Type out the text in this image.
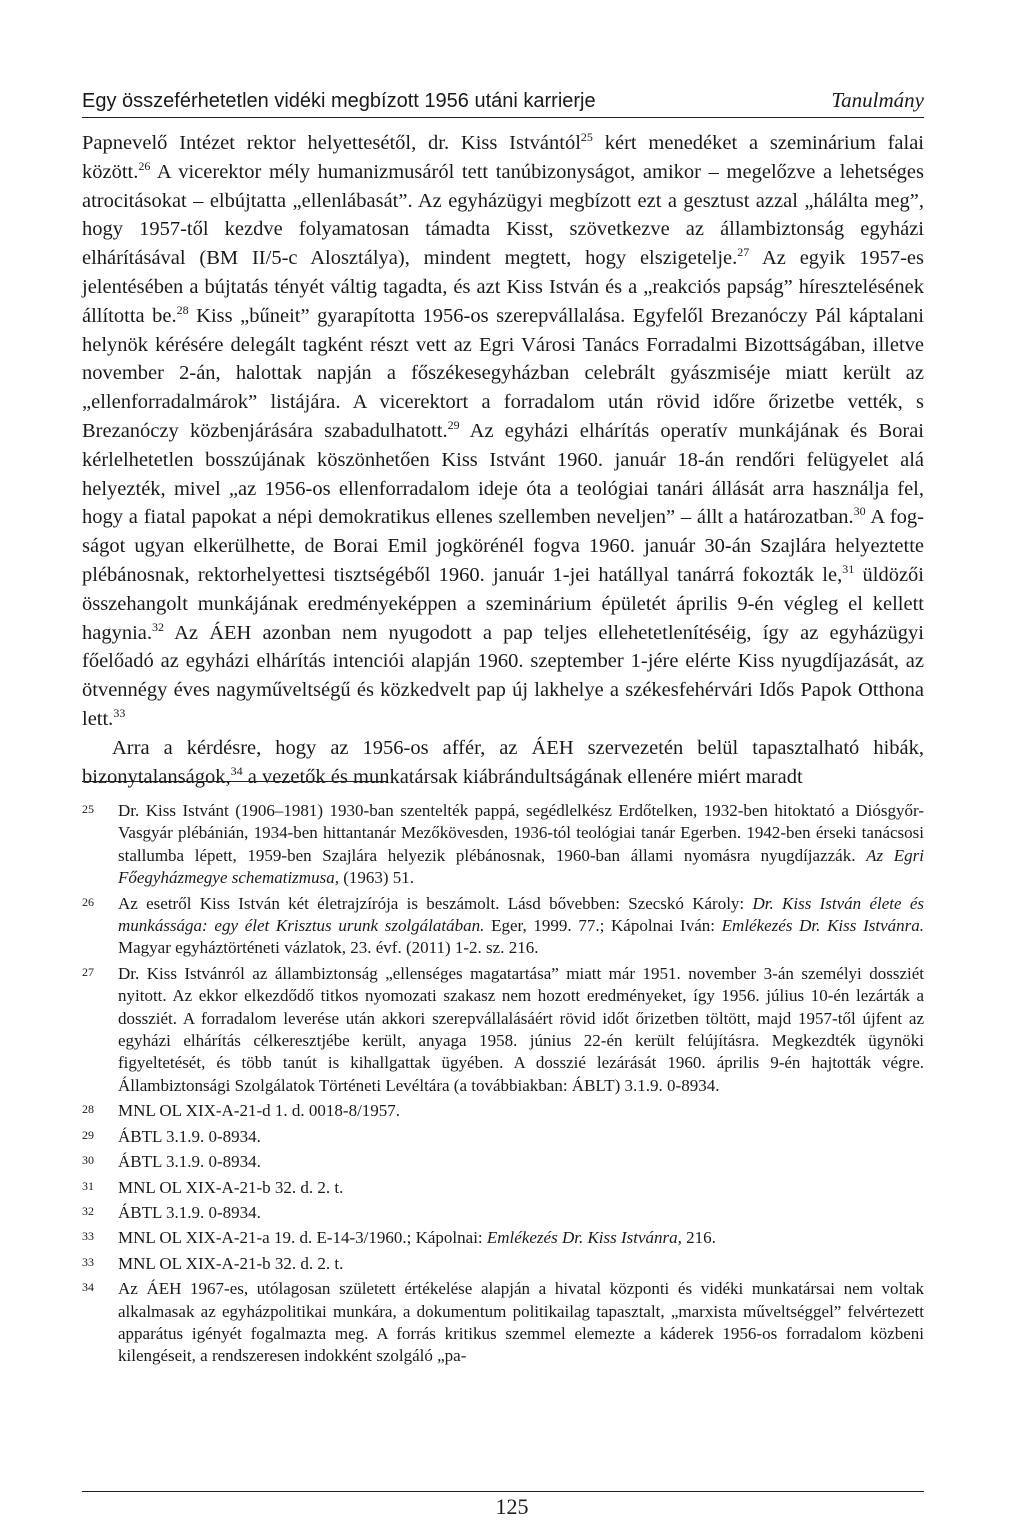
Egy összeférhetetlen vidéki megbízott 1956 utáni karrierje	Tanulmány

Papnevelő Intézet rektor helyettesétől, dr. Kiss Istvántól$^{25}$ kért menedéket a szeminárium falai között.$^{26}$ A vicerektor mély humanizmusáról tett tanúbizonyságot, amikor – megelőzve a lehetséges atrocitásokat – elbújtatta „ellenlábasát”. Az egyházügyi megbízott ezt a gesztust azzal „hálálta meg”, hogy 1957-től kezdve folyamatosan támadta Kisst, szövetkezve az állambiztonság egyházi elhárításával (BM II/5-c Alosztálya), mindent megtett, hogy elszigetelje.$^{27}$ Az egyik 1957-es jelentésében a bújtatás tényét váltig tagadta, és azt Kiss István és a „reakciós papság” híresztelésének állította be.$^{28}$ Kiss „bűneit” gyarapította 1956-os szerepvállalása. Egyfelől Brezanóczy Pál káptalani helynök kérésére delegált tagként részt vett az Egri Városi Tanács Forradalmi Bizottságában, illetve november 2-án, halottak napján a főszékesegyházban celebrált gyászmiséje miatt került az „ellenforradalmárok” listájára. A vicerektort a forradalom után rövid időre őrizetbe vették, s Brezanóczy közbenjárására szabadulhatott.$^{29}$ Az egyházi elhárítás operatív munkájának és Borai kérlelhetetlen bosszújának köszönhetően Kiss Istvánt 1960. január 18-án rendőri felügyelet alá helyezték, mivel „az 1956-os ellenforradalom ideje óta a teológiai tanári állását arra használja fel, hogy a fiatal papokat a népi demokratikus ellenes szellemben neveljen” – állt a határozatban.$^{30}$ A fogságot ugyan elkerülhette, de Borai Emil jogkörénél fogva 1960. január 30-án Szajlára helyeztette plébánosnak, rektorhelyettesi tisztségéből 1960. január 1-jei hatállyal tanárrá fokozták le,$^{31}$ üldözői összehangolt munkájának eredményeképpen a szeminárium épületét április 9-én végleg el kellett hagynia.$^{32}$ Az ÁEH azonban nem nyugodott a pap teljes ellehetetlenítéséig, így az egyházügyi főelőadó az egyházi elhárítás intenciói alapján 1960. szeptember 1-jére elérte Kiss nyugdíjazását, az ötvennégy éves nagyműveltségű és közkedvelt pap új lakhelye a székesfehérvári Idős Papok Otthona lett.$^{33}$

Arra a kérdésre, hogy az 1956-os affér, az ÁEH szervezetén belül tapasztalható hibák, bizonytalanságok,$^{34}$ a vezetők és munkatársak kiábrándultságának ellenére miért maradt

25	Dr. Kiss Istvánt (1906–1981) 1930-ban szentelték pappá, segédlelkész Erdőtelken, 1932-ben hitoktató a Diósgyőr-Vasgyár plébánián, 1934-ben hittantanár Mezőkövesden, 1936-tól teológiai tanár Egerben. 1942-ben érseki tanácsosi stallumba lépett, 1959-ben Szajlára helyezik plébánosnak, 1960-ban állami nyomásra nyugdíjazzák. Az Egri Főegyházmegye schematizmusa, (1963) 51.
26	Az esetről Kiss István két életrajzírója is beszámolt. Lásd bővebben: Szecskó Károly: Dr. Kiss István élete és munkássága: egy élet Krisztus urunk szolgálatában. Eger, 1999. 77.; Kápolnai Iván: Emlékezés Dr. Kiss Istvánra. Magyar egyháztörténeti vázlatok, 23. évf. (2011) 1-2. sz. 216.
27	Dr. Kiss Istvánról az állambiztonság „ellenséges magatartása” miatt már 1951. november 3-án személyi dossziét nyitott. Az ekkor elkezdődő titkos nyomozati szakasz nem hozott eredményeket, így 1956. július 10-én lezárták a dossziét. A forradalom leverése után akkori szerepvállalásáért rövid időt őrizetben töltött, majd 1957-től újfent az egyházi elhárítás célkeresztjébe került, anyaga 1958. június 22-én került felújításra. Megkezdték ügynöki figyeltetését, és több tanút is kihallgattak ügyében. A dosszié lezárását 1960. április 9-én hajtották végre. Állambiztonsági Szolgálatok Történeti Levéltára (a továbbiakban: ÁBLT) 3.1.9. 0-8934.
28	MNL OL XIX-A-21-d 1. d. 0018-8/1957.
29	ÁBTL 3.1.9. 0-8934.
30	ÁBTL 3.1.9. 0-8934.
31	MNL OL XIX-A-21-b 32. d. 2. t.
32	ÁBTL 3.1.9. 0-8934.
33	MNL OL XIX-A-21-a 19. d. E-14-3/1960.; Kápolnai: Emlékezés Dr. Kiss Istvánra, 216.
33	MNL OL XIX-A-21-b 32. d. 2. t.
34	Az ÁEH 1967-es, utólagosan született értékelése alapján a hivatal központi és vidéki munkatársai nem voltak alkalmasak az egyházpolitikai munkára, a dokumentum politikailag tapasztalt, „marxista műveltséggel” felvértezett apparátus igényét fogalmazta meg. A forrás kritikus szemmel elemezte a káderek 1956-os forradalom közbeni kilengéseit, a rendszeresen indokként szolgáló „pa-
125
